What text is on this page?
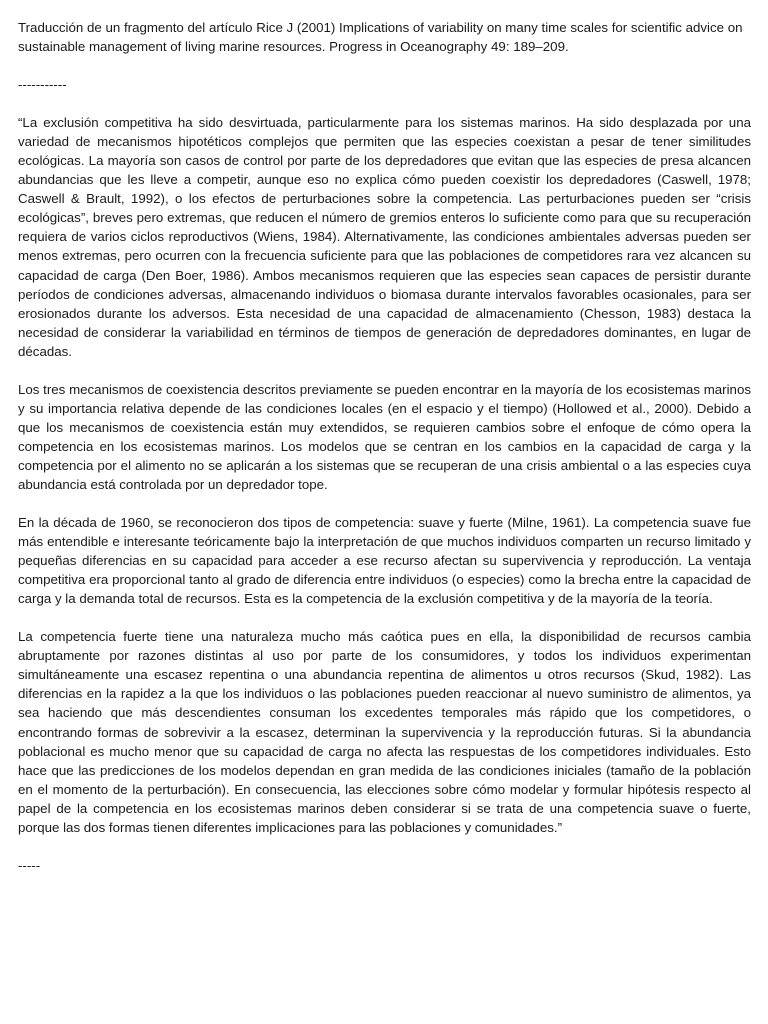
Traducción de un fragmento del artículo Rice J (2001) Implications of variability on many time scales for scientific advice on sustainable management of living marine resources. Progress in Oceanography 49: 189–209.

-----------

“La exclusión competitiva ha sido desvirtuada, particularmente para los sistemas marinos. Ha sido desplazada por una variedad de mecanismos hipotéticos complejos que permiten que las especies coexistan a pesar de tener similitudes ecológicas. La mayoría son casos de control por parte de los depredadores que evitan que las especies de presa alcancen abundancias que les lleve a competir, aunque eso no explica cómo pueden coexistir los depredadores (Caswell, 1978; Caswell & Brault, 1992), o los efectos de perturbaciones sobre la competencia. Las perturbaciones pueden ser “crisis ecológicas”, breves pero extremas, que reducen el número de gremios enteros lo suficiente como para que su recuperación requiera de varios ciclos reproductivos (Wiens, 1984). Alternativamente, las condiciones ambientales adversas pueden ser menos extremas, pero ocurren con la frecuencia suficiente para que las poblaciones de competidores rara vez alcancen su capacidad de carga (Den Boer, 1986). Ambos mecanismos requieren que las especies sean capaces de persistir durante períodos de condiciones adversas, almacenando individuos o biomasa durante intervalos favorables ocasionales, para ser erosionados durante los adversos. Esta necesidad de una capacidad de almacenamiento (Chesson, 1983) destaca la necesidad de considerar la variabilidad en términos de tiempos de generación de depredadores dominantes, en lugar de décadas.

Los tres mecanismos de coexistencia descritos previamente se pueden encontrar en la mayoría de los ecosistemas marinos y su importancia relativa depende de las condiciones locales (en el espacio y el tiempo) (Hollowed et al., 2000). Debido a que los mecanismos de coexistencia están muy extendidos, se requieren cambios sobre el enfoque de cómo opera la competencia en los ecosistemas marinos. Los modelos que se centran en los cambios en la capacidad de carga y la competencia por el alimento no se aplicarán a los sistemas que se recuperan de una crisis ambiental o a las especies cuya abundancia está controlada por un depredador tope.

En la década de 1960, se reconocieron dos tipos de competencia: suave y fuerte (Milne, 1961). La competencia suave fue más entendible e interesante teóricamente bajo la interpretación de que muchos individuos comparten un recurso limitado y pequeñas diferencias en su capacidad para acceder a ese recurso afectan su supervivencia y reproducción. La ventaja competitiva era proporcional tanto al grado de diferencia entre individuos (o especies) como la brecha entre la capacidad de carga y la demanda total de recursos. Esta es la competencia de la exclusión competitiva y de la mayoría de la teoría.

La competencia fuerte tiene una naturaleza mucho más caótica pues en ella, la disponibilidad de recursos cambia abruptamente por razones distintas al uso por parte de los consumidores, y todos los individuos experimentan simultáneamente una escasez repentina o una abundancia repentina de alimentos u otros recursos (Skud, 1982). Las diferencias en la rapidez a la que los individuos o las poblaciones pueden reaccionar al nuevo suministro de alimentos, ya sea haciendo que más descendientes consuman los excedentes temporales más rápido que los competidores, o encontrando formas de sobrevivir a la escasez, determinan la supervivencia y la reproducción futuras. Si la abundancia poblacional es mucho menor que su capacidad de carga no afecta las respuestas de los competidores individuales. Esto hace que las predicciones de los modelos dependan en gran medida de las condiciones iniciales (tamaño de la población en el momento de la perturbación). En consecuencia, las elecciones sobre cómo modelar y formular hipótesis respecto al papel de la competencia en los ecosistemas marinos deben considerar si se trata de una competencia suave o fuerte, porque las dos formas tienen diferentes implicaciones para las poblaciones y comunidades.”

-----
